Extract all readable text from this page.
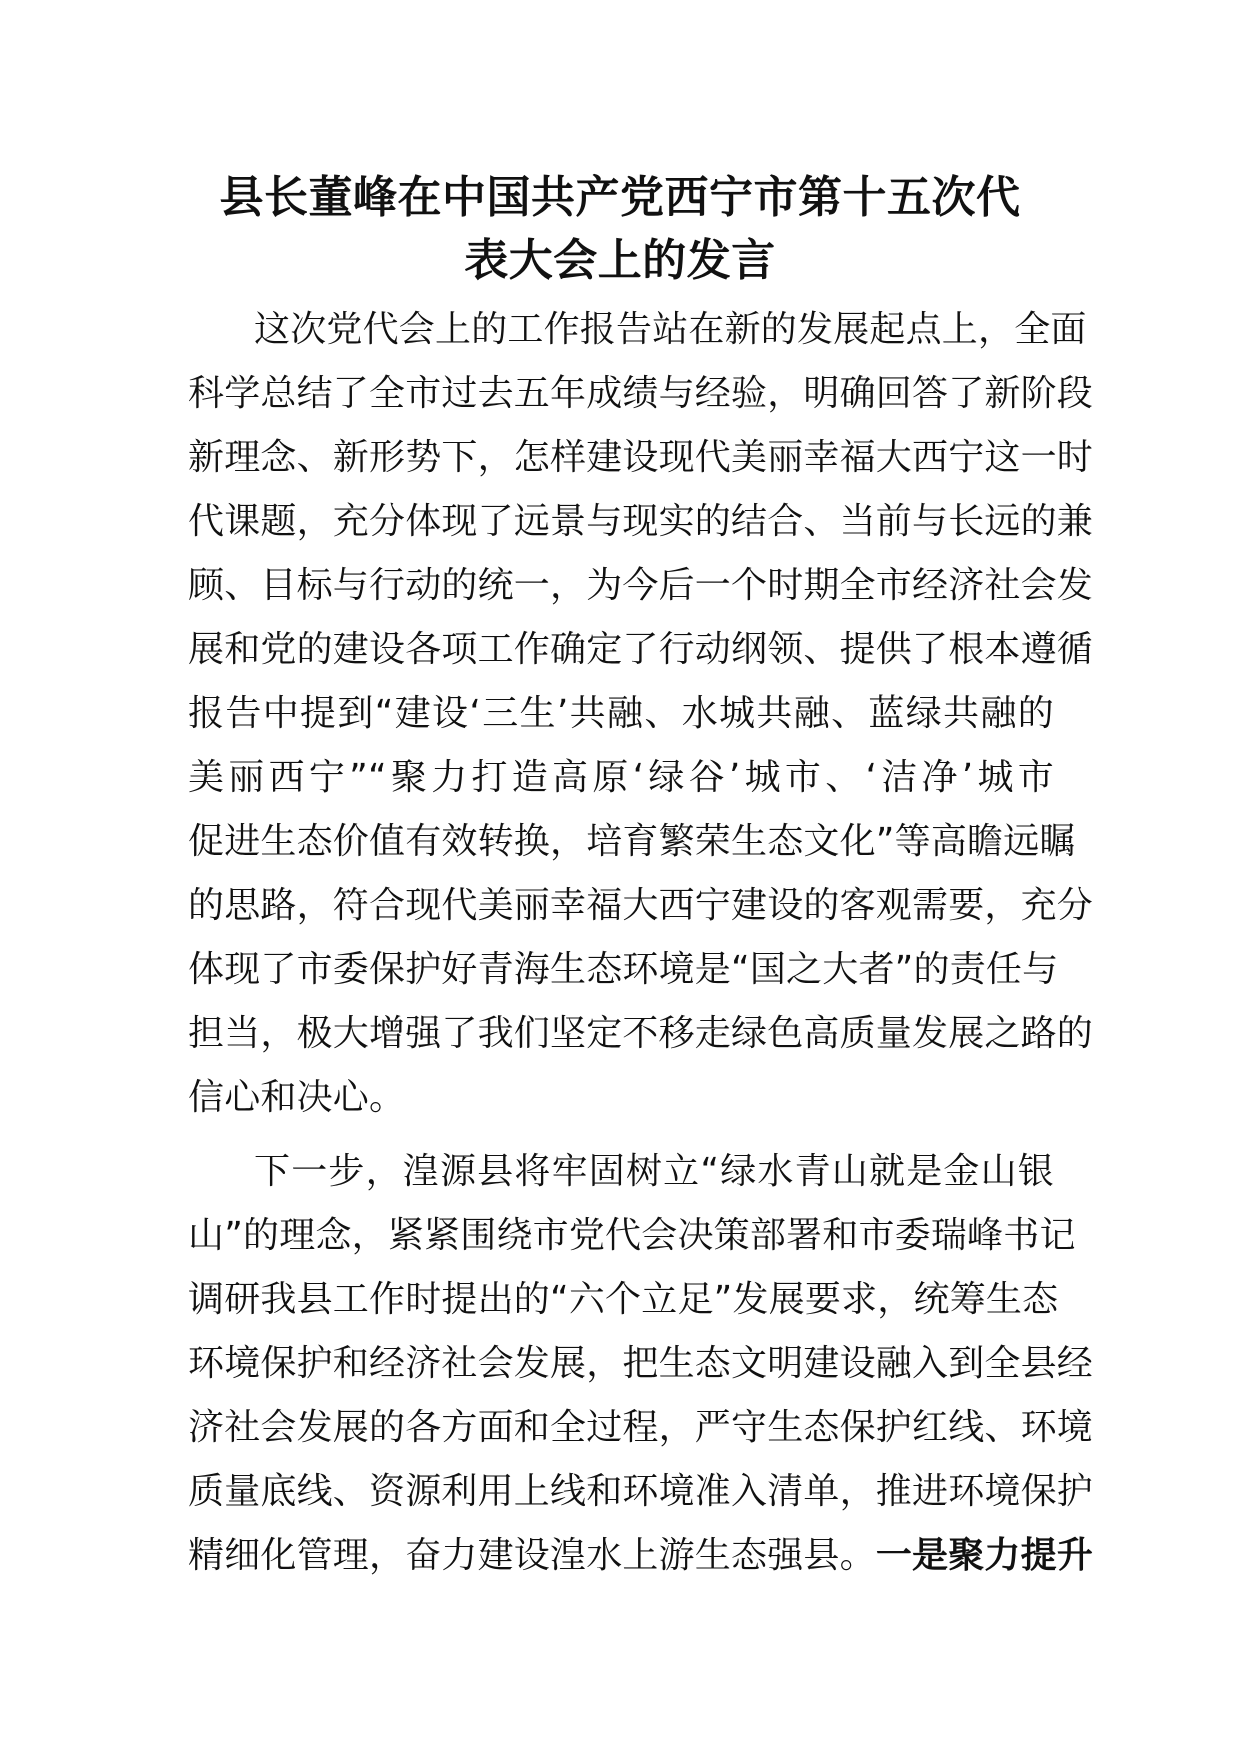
县长董峰在中国共产党西宁市第十五次代
表大会上的发言
这次党代会上的工作报告站在新的发展起点上，全面
科学总结了全市过去五年成绩与经验，明确回答了新阶段
新理念、新形势下，怎样建设现代美丽幸福大西宁这一时
代课题，充分体现了远景与现实的结合、当前与长远的兼
顾、目标与行动的统一，为今后一个时期全市经济社会发
展和党的建设各项工作确定了行动纲领、提供了根本遵循
报告中提到“建设‘三生’共融、水城共融、蓝绿共融的
美丽西宁”“聚力打造高原‘绿谷’城市、‘洁净’城市
促进生态价值有效转换，培育繁荣生态文化”等高瞻远瞩
的思路，符合现代美丽幸福大西宁建设的客观需要，充分
体现了市委保护好青海生态环境是“国之大者”的责任与
担当，极大增强了我们坚定不移走绿色高质量发展之路的
信心和决心。
下一步，湟源县将牢固树立“绿水青山就是金山银
山”的理念，紧紧围绕市党代会决策部署和市委瑞峰书记
调研我县工作时提出的“六个立足”发展要求，统筹生态
环境保护和经济社会发展，把生态文明建设融入到全县经
济社会发展的各方面和全过程，严守生态保护红线、环境
质量底线、资源利用上线和环境准入清单，推进环境保护
精细化管理，奋力建设湟水上游生态强县。一是聚力提升
